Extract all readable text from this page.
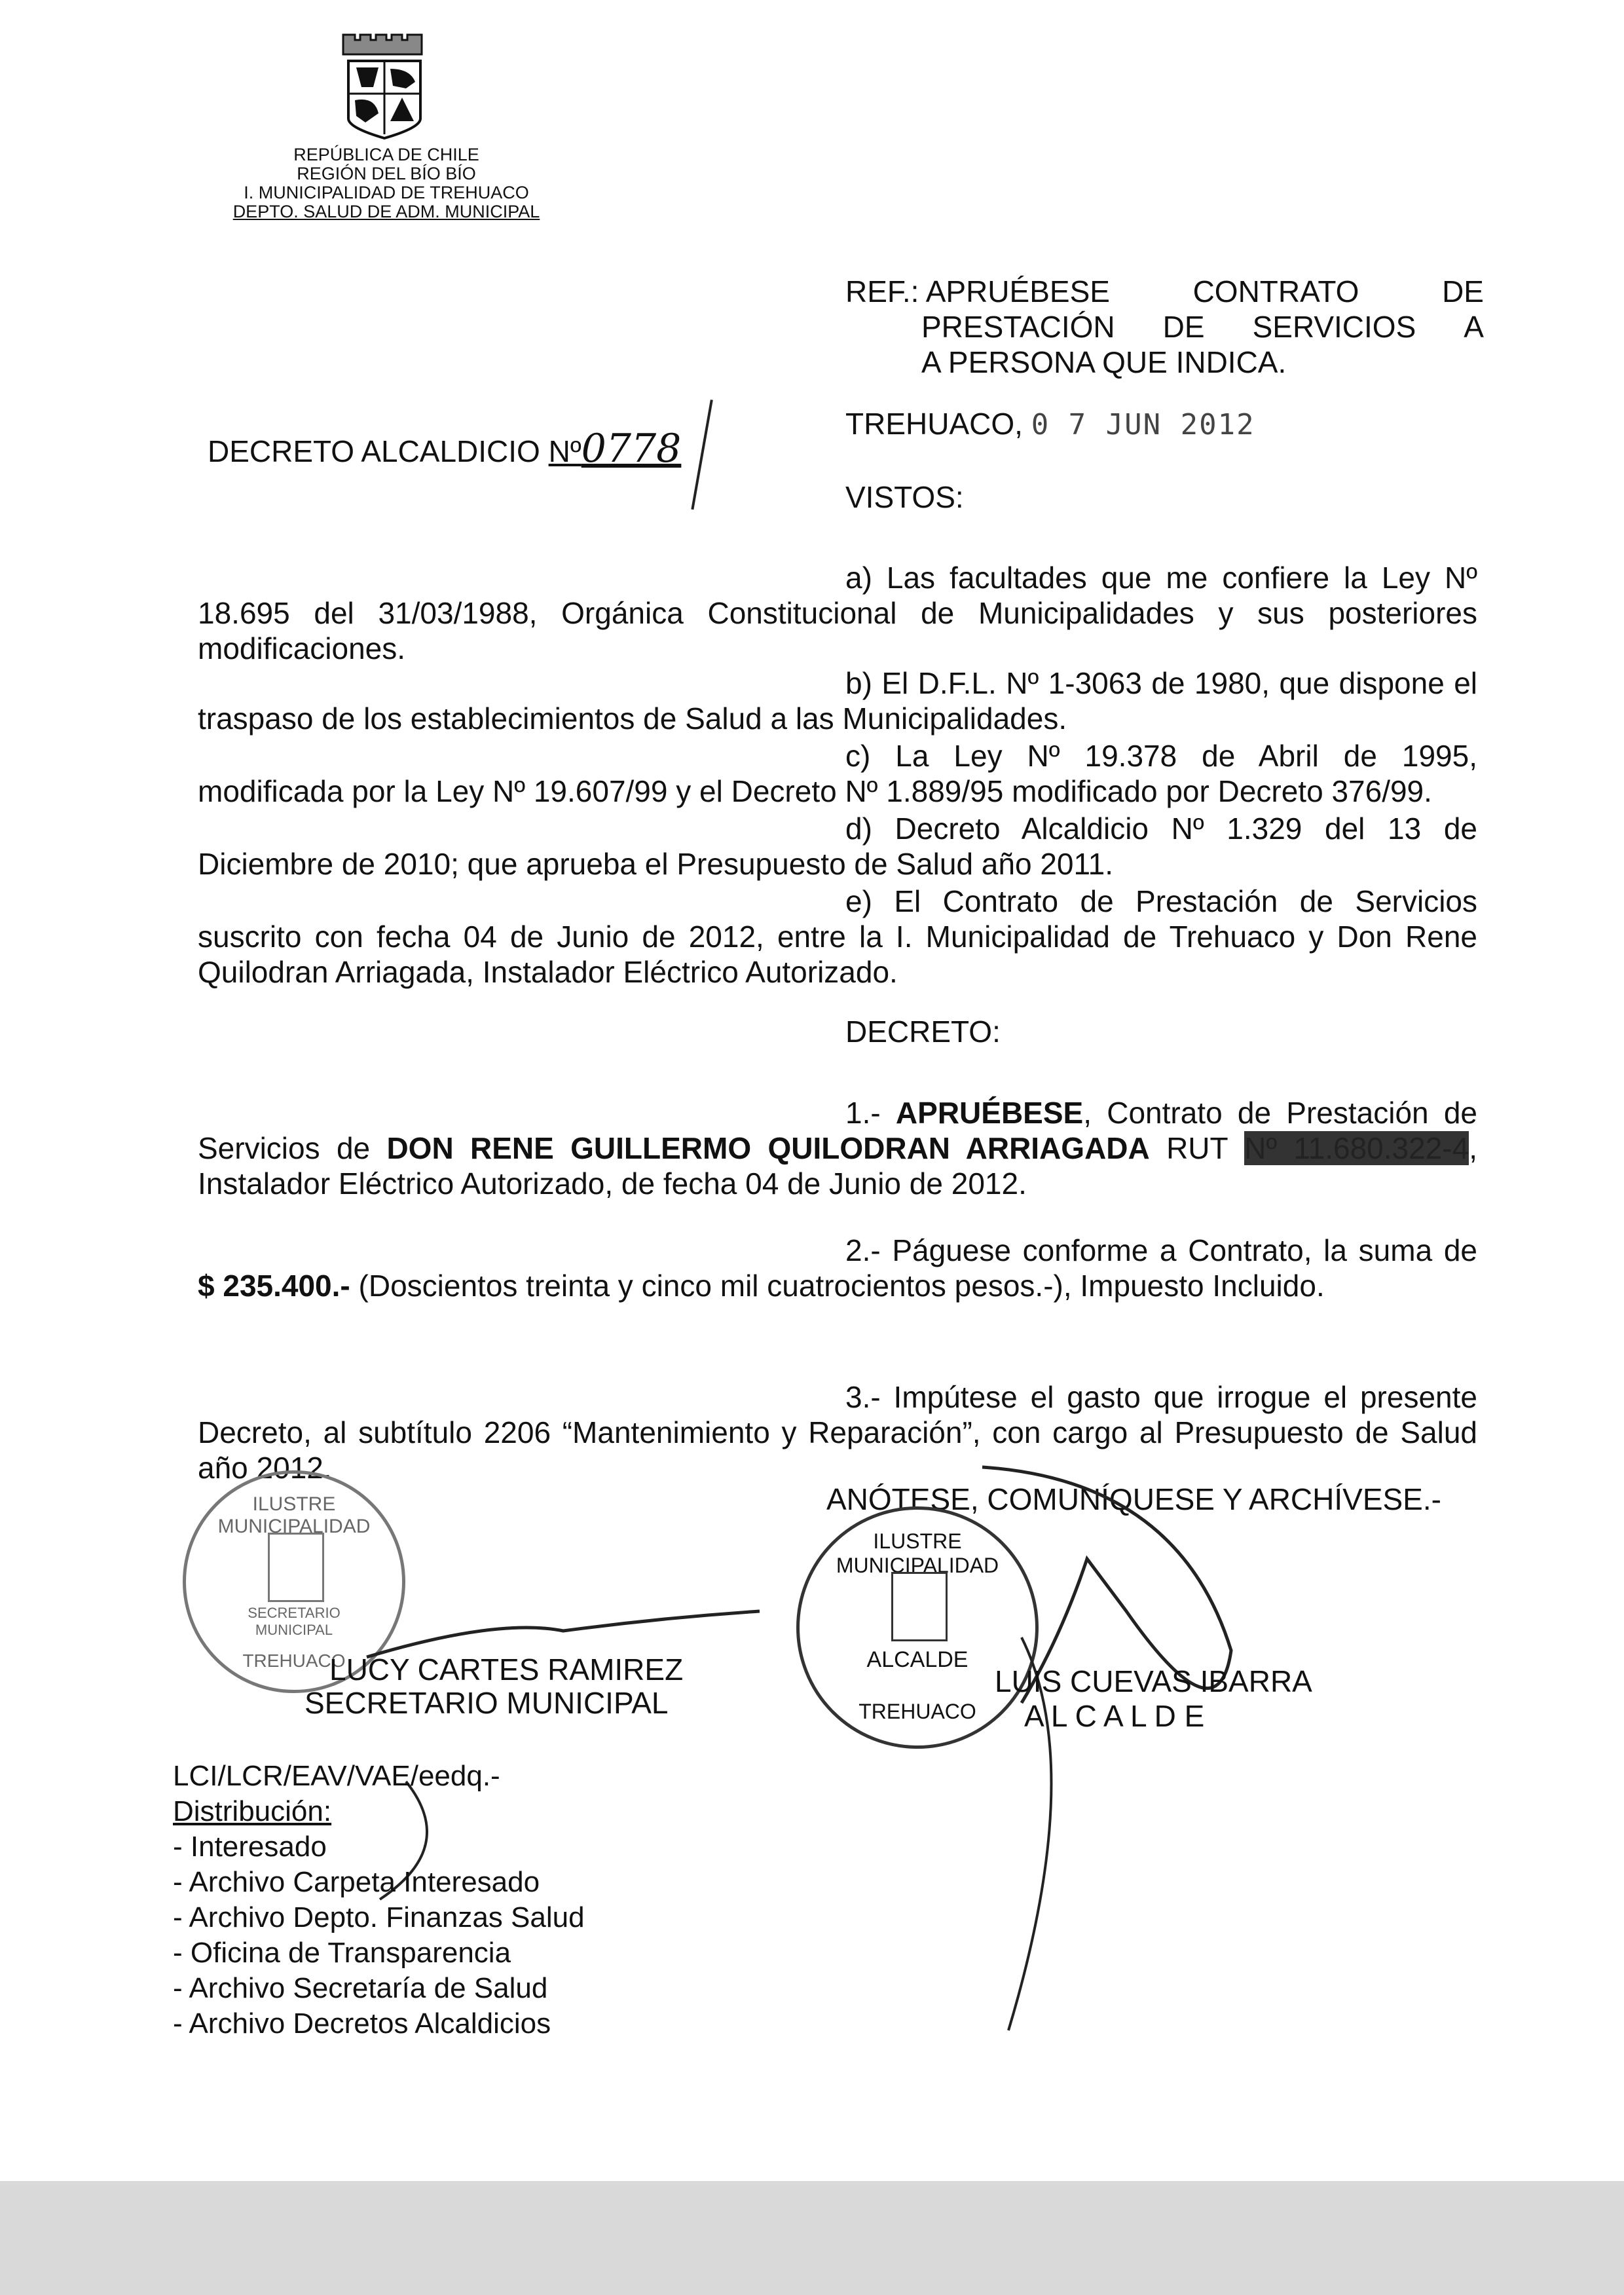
REPÚBLICA DE CHILE
REGIÓN DEL BÍO BÍO
I. MUNICIPALIDAD DE TREHUACO
DEPTO. SALUD DE ADM. MUNICIPAL
REF.: APRUÉBESE	CONTRATO	DE
PRESTACIÓN DE SERVICIOS A
A PERSONA QUE INDICA.
DECRETO ALCALDICIO Nº0778
TREHUACO, 0 7 JUN 2012
VISTOS:
a) Las facultades que me confiere la Ley Nº 18.695 del 31/03/1988, Orgánica Constitucional de Municipalidades y sus posteriores modificaciones.
b) El D.F.L. Nº 1-3063 de 1980, que dispone el traspaso de los establecimientos de Salud a las Municipalidades.
c) La Ley Nº 19.378 de Abril de 1995, modificada por la Ley Nº 19.607/99 y el Decreto Nº 1.889/95 modificado por Decreto 376/99.
d) Decreto Alcaldicio Nº 1.329 del 13 de Diciembre de 2010; que aprueba el Presupuesto de Salud año 2011.
e) El Contrato de Prestación de Servicios suscrito con fecha 04 de Junio de 2012, entre la I. Municipalidad de Trehuaco y Don Rene Quilodran Arriagada, Instalador Eléctrico Autorizado.
DECRETO:
1.- APRUÉBESE, Contrato de Prestación de Servicios de DON RENE GUILLERMO QUILODRAN ARRIAGADA RUT Nº 11.680.322-4, Instalador Eléctrico Autorizado, de fecha 04 de Junio de 2012.
2.- Páguese conforme a Contrato, la suma de $ 235.400.- (Doscientos treinta y cinco mil cuatrocientos pesos.-), Impuesto Incluido.
3.- Impútese el gasto que irrogue el presente Decreto, al subtítulo 2206 “Mantenimiento y Reparación”, con cargo al Presupuesto de Salud año 2012.
ANÓTESE, COMUNÍQUESE Y ARCHÍVESE.-
ILUSTRE MUNICIPALIDAD
SECRETARIO MUNICIPAL
TREHUACO
ILUSTRE MUNICIPALIDAD
ALCALDE
TREHUACO
LUCY CARTES RAMIREZ
SECRETARIO MUNICIPAL
LUIS CUEVAS IBARRA
A L C A L D E
LCI/LCR/EAV/VAE/eedq.-
Distribución:
- Interesado
- Archivo Carpeta Interesado
- Archivo Depto. Finanzas Salud
- Oficina de Transparencia
- Archivo Secretaría de Salud
- Archivo Decretos Alcaldicios
